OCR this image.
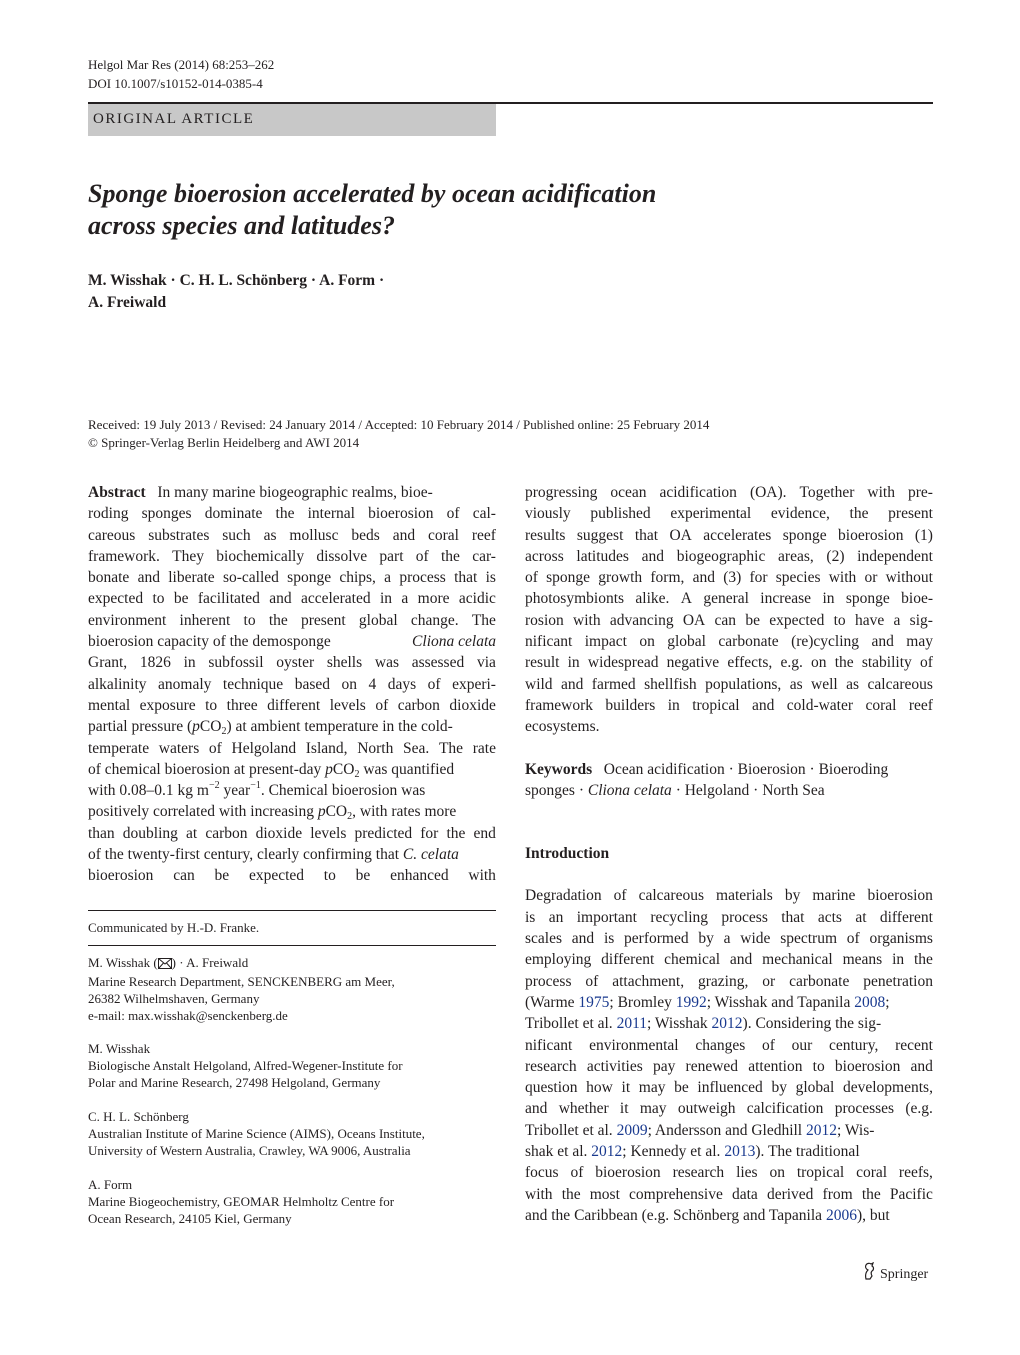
Helgol Mar Res (2014) 68:253–262
DOI 10.1007/s10152-014-0385-4
ORIGINAL ARTICLE
Sponge bioerosion accelerated by ocean acidification
across species and latitudes?
M. Wisshak · C. H. L. Schönberg · A. Form ·
A. Freiwald
Received: 19 July 2013 / Revised: 24 January 2014 / Accepted: 10 February 2014 / Published online: 25 February 2014
© Springer-Verlag Berlin Heidelberg and AWI 2014
Abstract In many marine biogeographic realms, bioe-
roding sponges dominate the internal bioerosion of cal-
careous substrates such as mollusc beds and coral reef
framework. They biochemically dissolve part of the car-
bonate and liberate so-called sponge chips, a process that is
expected to be facilitated and accelerated in a more acidic
environment inherent to the present global change. The
bioerosion capacity of the demosponge	Cliona celata
Grant, 1826 in subfossil oyster shells was assessed via
alkalinity anomaly technique based on 4 days of experi-
mental exposure to three different levels of carbon dioxide
partial pressure (pCO$_2$) at ambient temperature in the cold-
temperate waters of Helgoland Island, North Sea. The rate
of chemical bioerosion at present-day pCO$_2$ was quantified
with 0.08–0.1 kg $m^{-2}$ year$^{-1}$. Chemical bioerosion was
positively correlated with increasing pCO$_2$, with rates more
than doubling at carbon dioxide levels predicted for the end
of the twenty-first century, clearly confirming that C. celata
bioerosion can be expected to be enhanced with
Communicated by H.-D. Franke.
M. Wisshak ( ) · A. Freiwald
Marine Research Department, SENCKENBERG am Meer,
26382 Wilhelmshaven, Germany
e-mail: max.wisshak@senckenberg.de
M. Wisshak
Biologische Anstalt Helgoland, Alfred-Wegener-Institute for
Polar and Marine Research, 27498 Helgoland, Germany
C. H. L. Schönberg
Australian Institute of Marine Science (AIMS), Oceans Institute,
University of Western Australia, Crawley, WA 9006, Australia
A. Form
Marine Biogeochemistry, GEOMAR Helmholtz Centre for
Ocean Research, 24105 Kiel, Germany
progressing ocean acidification (OA). Together with pre-
viously published experimental evidence, the present
results suggest that OA accelerates sponge bioerosion (1)
across latitudes and biogeographic areas, (2) independent
of sponge growth form, and (3) for species with or without
photosymbionts alike. A general increase in sponge bioe-
rosion with advancing OA can be expected to have a sig-
nificant impact on global carbonate (re)cycling and may
result in widespread negative effects, e.g. on the stability of
wild and farmed shellfish populations, as well as calcareous
framework builders in tropical and cold-water coral reef
ecosystems.
Keywords Ocean acidification · Bioerosion · Bioeroding
sponges · Cliona celata · Helgoland · North Sea
Introduction
Degradation of calcareous materials by marine bioerosion
is an important recycling process that acts at different
scales and is performed by a wide spectrum of organisms
employing different chemical and mechanical means in the
process of attachment, grazing, or carbonate penetration
(Warme 1975; Bromley 1992; Wisshak and Tapanila 2008;
Tribollet et al. 2011; Wisshak 2012). Considering the sig-
nificant environmental changes of our century, recent
research activities pay renewed attention to bioerosion and
question how it may be influenced by global developments,
and whether it may outweigh calcification processes (e.g.
Tribollet et al. 2009; Andersson and Gledhill 2012; Wis-
shak et al. 2012; Kennedy et al. 2013). The traditional
focus of bioerosion research lies on tropical coral reefs,
with the most comprehensive data derived from the Pacific
and the Caribbean (e.g. Schönberg and Tapanila 2006), but
Springer
